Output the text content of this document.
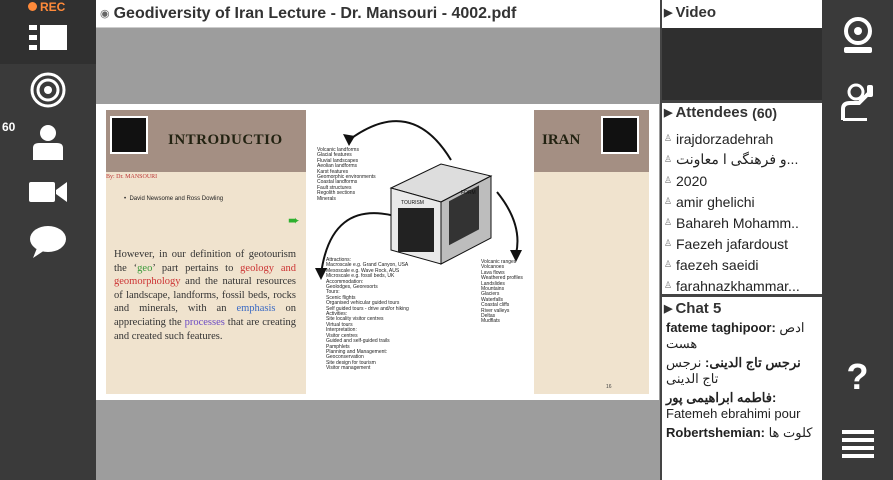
REC
60
◉ Geodiversity of Iran Lecture - Dr. Mansouri - 4002.pdf
INTRODUCTIO	IRAN
By: Dr. MANSOURI
•  David Newsome and Ross Dowling
➨
However, in our definition of geotourism the ‘geo’ part pertains to geology and geomorphology and the natural resources of landscape, landforms, fossil beds, rocks and minerals, with an emphasis on appreciating the processes that are creating and created such features.
TOURISM
FORM
Volcanic landforms
Glacial features
Fluvial landscapes
Aeolian landforms
Karst features
Geomorphic environments
Coastal landforms
Fault structures
Regolith sections
Minerals
Attractions:
Macroscale e.g. Grand Canyon, USA
Mesoscale e.g. Wave Rock, AUS
Microscale e.g. fossil beds, UK
Accommodation:
Geolodges, Georesorts
Tours:
Scenic flights
Organised vehicular guided tours
Self guided tours - drive and/or hiking
Activities:
Site locality visitor centres
Virtual tours
Interpretation:
Visitor centres
Guided and self-guided trails
Pamphlets
Planning and Management:
Geoconservation
Site design for tourism
Visitor management
Volcanic ranges
Volcanoes
Lava flows
Weathered profiles
Landslides
Mountains
Glaciers
Waterfalls
Coastal cliffs
River valleys
Deltas
Mudflats
16
▶ Video
▶ Attendees
(60)
♙ irajdorzadehrah
♙ و فرهنگی ا معاونت...
♙ 2020
♙ amir ghelichi
♙ Bahareh Mohamm..
♙ Faezeh jafardoust
♙ faezeh saeidi
♙ farahnazkhammar...
▶ Chat 5
fateme taghipoor: ادص هست
نرجس تاج الدینی: نرجس تاج الدینی
فاطمه ابراهیمی پور: Fatemeh ebrahimi pour
Robertshemian: کلوت ها
?
